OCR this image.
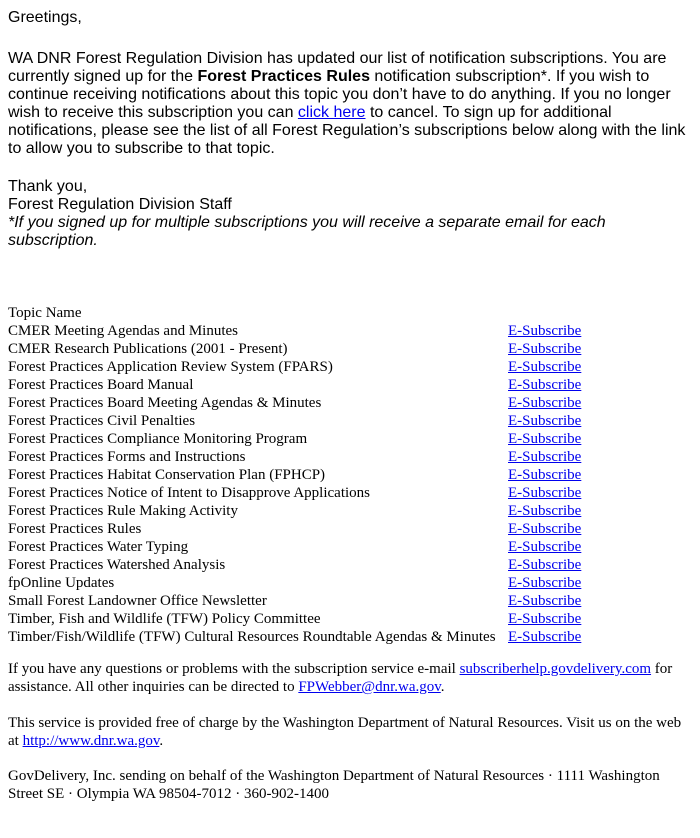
Greetings,

WA DNR Forest Regulation Division has updated our list of notification subscriptions. You are currently signed up for the Forest Practices Rules notification subscription*. If you wish to continue receiving notifications about this topic you don’t have to do anything. If you no longer wish to receive this subscription you can click here to cancel. To sign up for additional notifications, please see the list of all Forest Regulation’s subscriptions below along with the link to allow you to subscribe to that topic.

Thank you,
Forest Regulation Division Staff

*If you signed up for multiple subscriptions you will receive a separate email for each subscription.

Topic Name	
CMER Meeting Agendas and Minutes	E-Subscribe
CMER Research Publications (2001 - Present)	E-Subscribe
Forest Practices Application Review System (FPARS)	E-Subscribe
Forest Practices Board Manual	E-Subscribe
Forest Practices Board Meeting Agendas & Minutes	E-Subscribe
Forest Practices Civil Penalties	E-Subscribe
Forest Practices Compliance Monitoring Program	E-Subscribe
Forest Practices Forms and Instructions	E-Subscribe
Forest Practices Habitat Conservation Plan (FPHCP)	E-Subscribe
Forest Practices Notice of Intent to Disapprove Applications	E-Subscribe
Forest Practices Rule Making Activity	E-Subscribe
Forest Practices Rules	E-Subscribe
Forest Practices Water Typing	E-Subscribe
Forest Practices Watershed Analysis	E-Subscribe
fpOnline Updates	E-Subscribe
Small Forest Landowner Office Newsletter	E-Subscribe
Timber, Fish and Wildlife (TFW) Policy Committee	E-Subscribe
Timber/Fish/Wildlife (TFW) Cultural Resources Roundtable Agendas & Minutes	E-Subscribe

If you have any questions or problems with the subscription service e-mail subscriberhelp.govdelivery.com for assistance. All other inquiries can be directed to FPWebber@dnr.wa.gov.

This service is provided free of charge by the Washington Department of Natural Resources. Visit us on the web at http://www.dnr.wa.gov.

GovDelivery, Inc. sending on behalf of the Washington Department of Natural Resources · 1111 Washington Street SE · Olympia WA 98504-7012 · 360-902-1400
